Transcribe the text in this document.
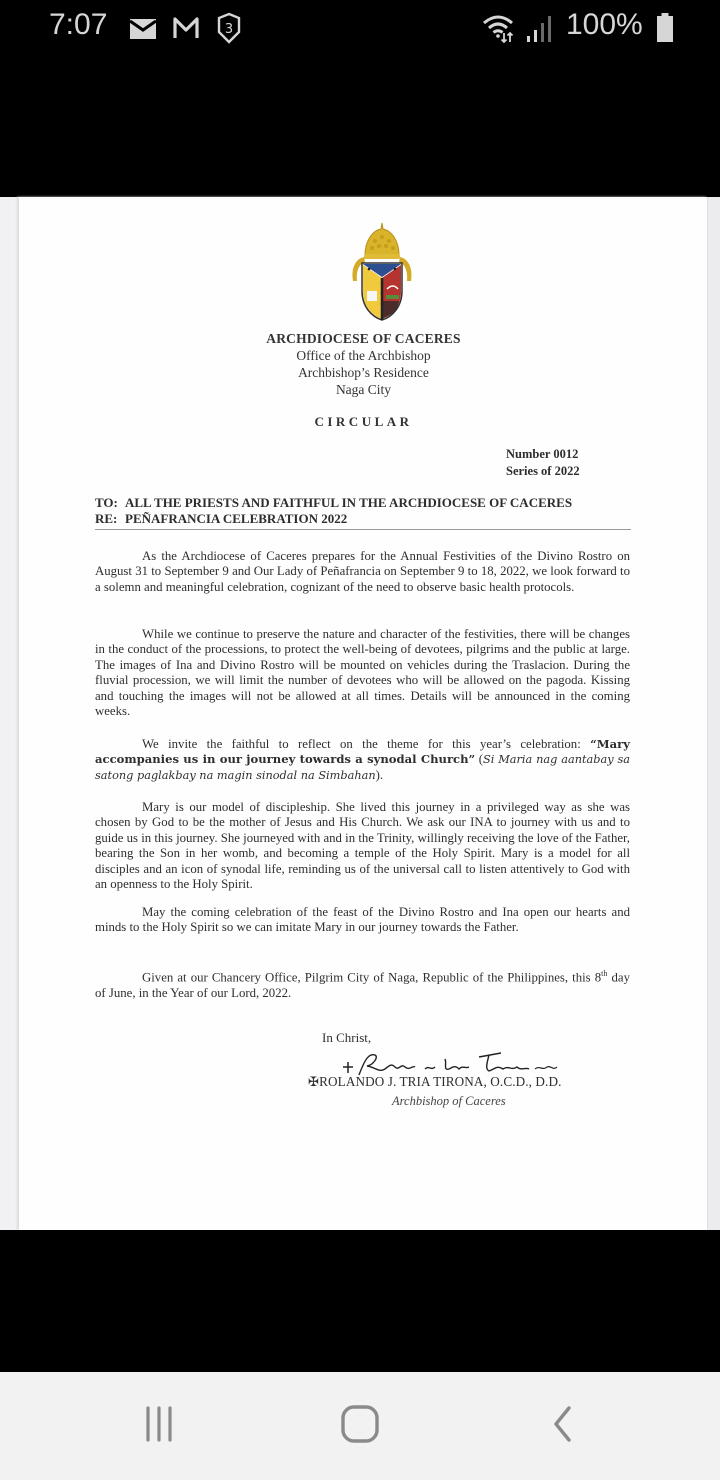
7:07	3	100%
ARCHDIOCESE OF CACERES
Office of the Archbishop
Archbishop’s Residence
Naga City
CIRCULAR
Number 0012
Series of 2022
TO: ALL THE PRIESTS AND FAITHFUL IN THE ARCHDIOCESE OF CACERES
RE: PEÑAFRANCIA CELEBRATION 2022
As the Archdiocese of Caceres prepares for the Annual Festivities of the Divino Rostro on August 31 to September 9 and Our Lady of Peñafrancia on September 9 to 18, 2022, we look forward to a solemn and meaningful celebration, cognizant of the need to observe basic health protocols.
While we continue to preserve the nature and character of the festivities, there will be changes in the conduct of the processions, to protect the well-being of devotees, pilgrims and the public at large. The images of Ina and Divino Rostro will be mounted on vehicles during the Traslacion. During the fluvial procession, we will limit the number of devotees who will be allowed on the pagoda. Kissing and touching the images will not be allowed at all times. Details will be announced in the coming weeks.
We invite the faithful to reflect on the theme for this year’s celebration: “Mary accompanies us in our journey towards a synodal Church” (Si Maria nag aantabay sa satong paglakbay na magin sinodal na Simbahan).
Mary is our model of discipleship. She lived this journey in a privileged way as she was chosen by God to be the mother of Jesus and His Church. We ask our INA to journey with us and to guide us in this journey. She journeyed with and in the Trinity, willingly receiving the love of the Father, bearing the Son in her womb, and becoming a temple of the Holy Spirit. Mary is a model for all disciples and an icon of synodal life, reminding us of the universal call to listen attentively to God with an openness to the Holy Spirit.
May the coming celebration of the feast of the Divino Rostro and Ina open our hearts and minds to the Holy Spirit so we can imitate Mary in our journey towards the Father.
Given at our Chancery Office, Pilgrim City of Naga, Republic of the Philippines, this 8th day of June, in the Year of our Lord, 2022.
In Christ,
✠ROLANDO J. TRIA TIRONA, O.C.D., D.D.
Archbishop of Caceres
